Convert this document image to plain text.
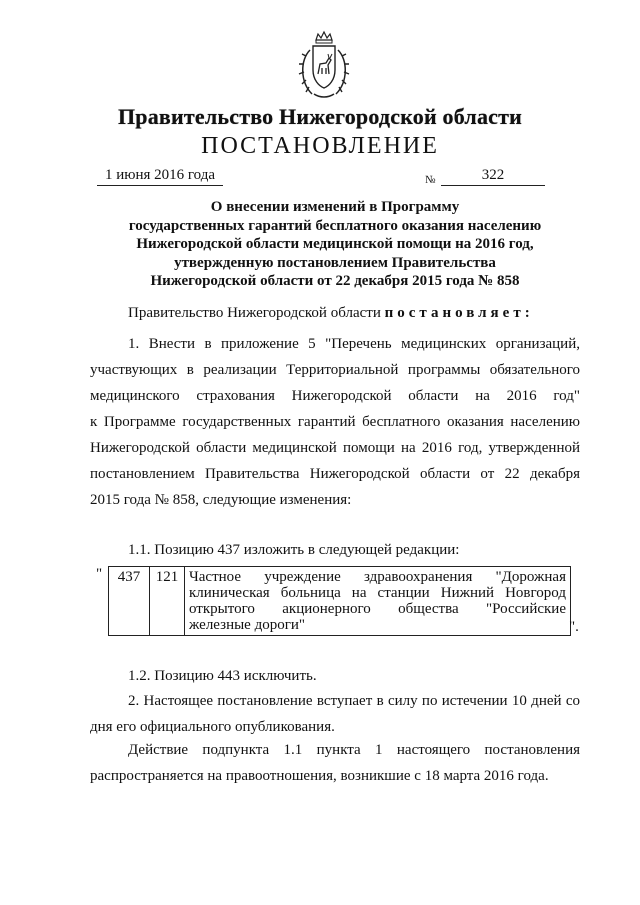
Правительство Нижегородской области
ПОСТАНОВЛЕНИЕ
1 июня 2016 года	№	322
О внесении изменений в Программу
государственных гарантий бесплатного оказания населению
Нижегородской области медицинской помощи на 2016 год,
утвержденную постановлением Правительства
Нижегородской области от 22 декабря 2015 года № 858
Правительство Нижегородской области постановляет:
1. Внести в приложение 5 "Перечень медицинских организаций,
участвующих в реализации Территориальной программы обязательного
медицинского страхования Нижегородской области на 2016 год"
к Программе государственных гарантий бесплатного оказания населению
Нижегородской области медицинской помощи на 2016 год, утвержденной
постановлением Правительства Нижегородской области от 22 декабря
2015 года № 858, следующие изменения:
1.1. Позицию 437 изложить в следующей редакции:
" 437	121	Частное учреждение здравоохранения "Дорожная
клиническая больница на станции Нижний Новгород
открытого акционерного общества "Российские
железные дороги"	".
1.2. Позицию 443 исключить.
2. Настоящее постановление вступает в силу по истечении 10 дней со
дня его официального опубликования.
Действие подпункта 1.1 пункта 1 настоящего постановления
распространяется на правоотношения, возникшие с 18 марта 2016 года.
